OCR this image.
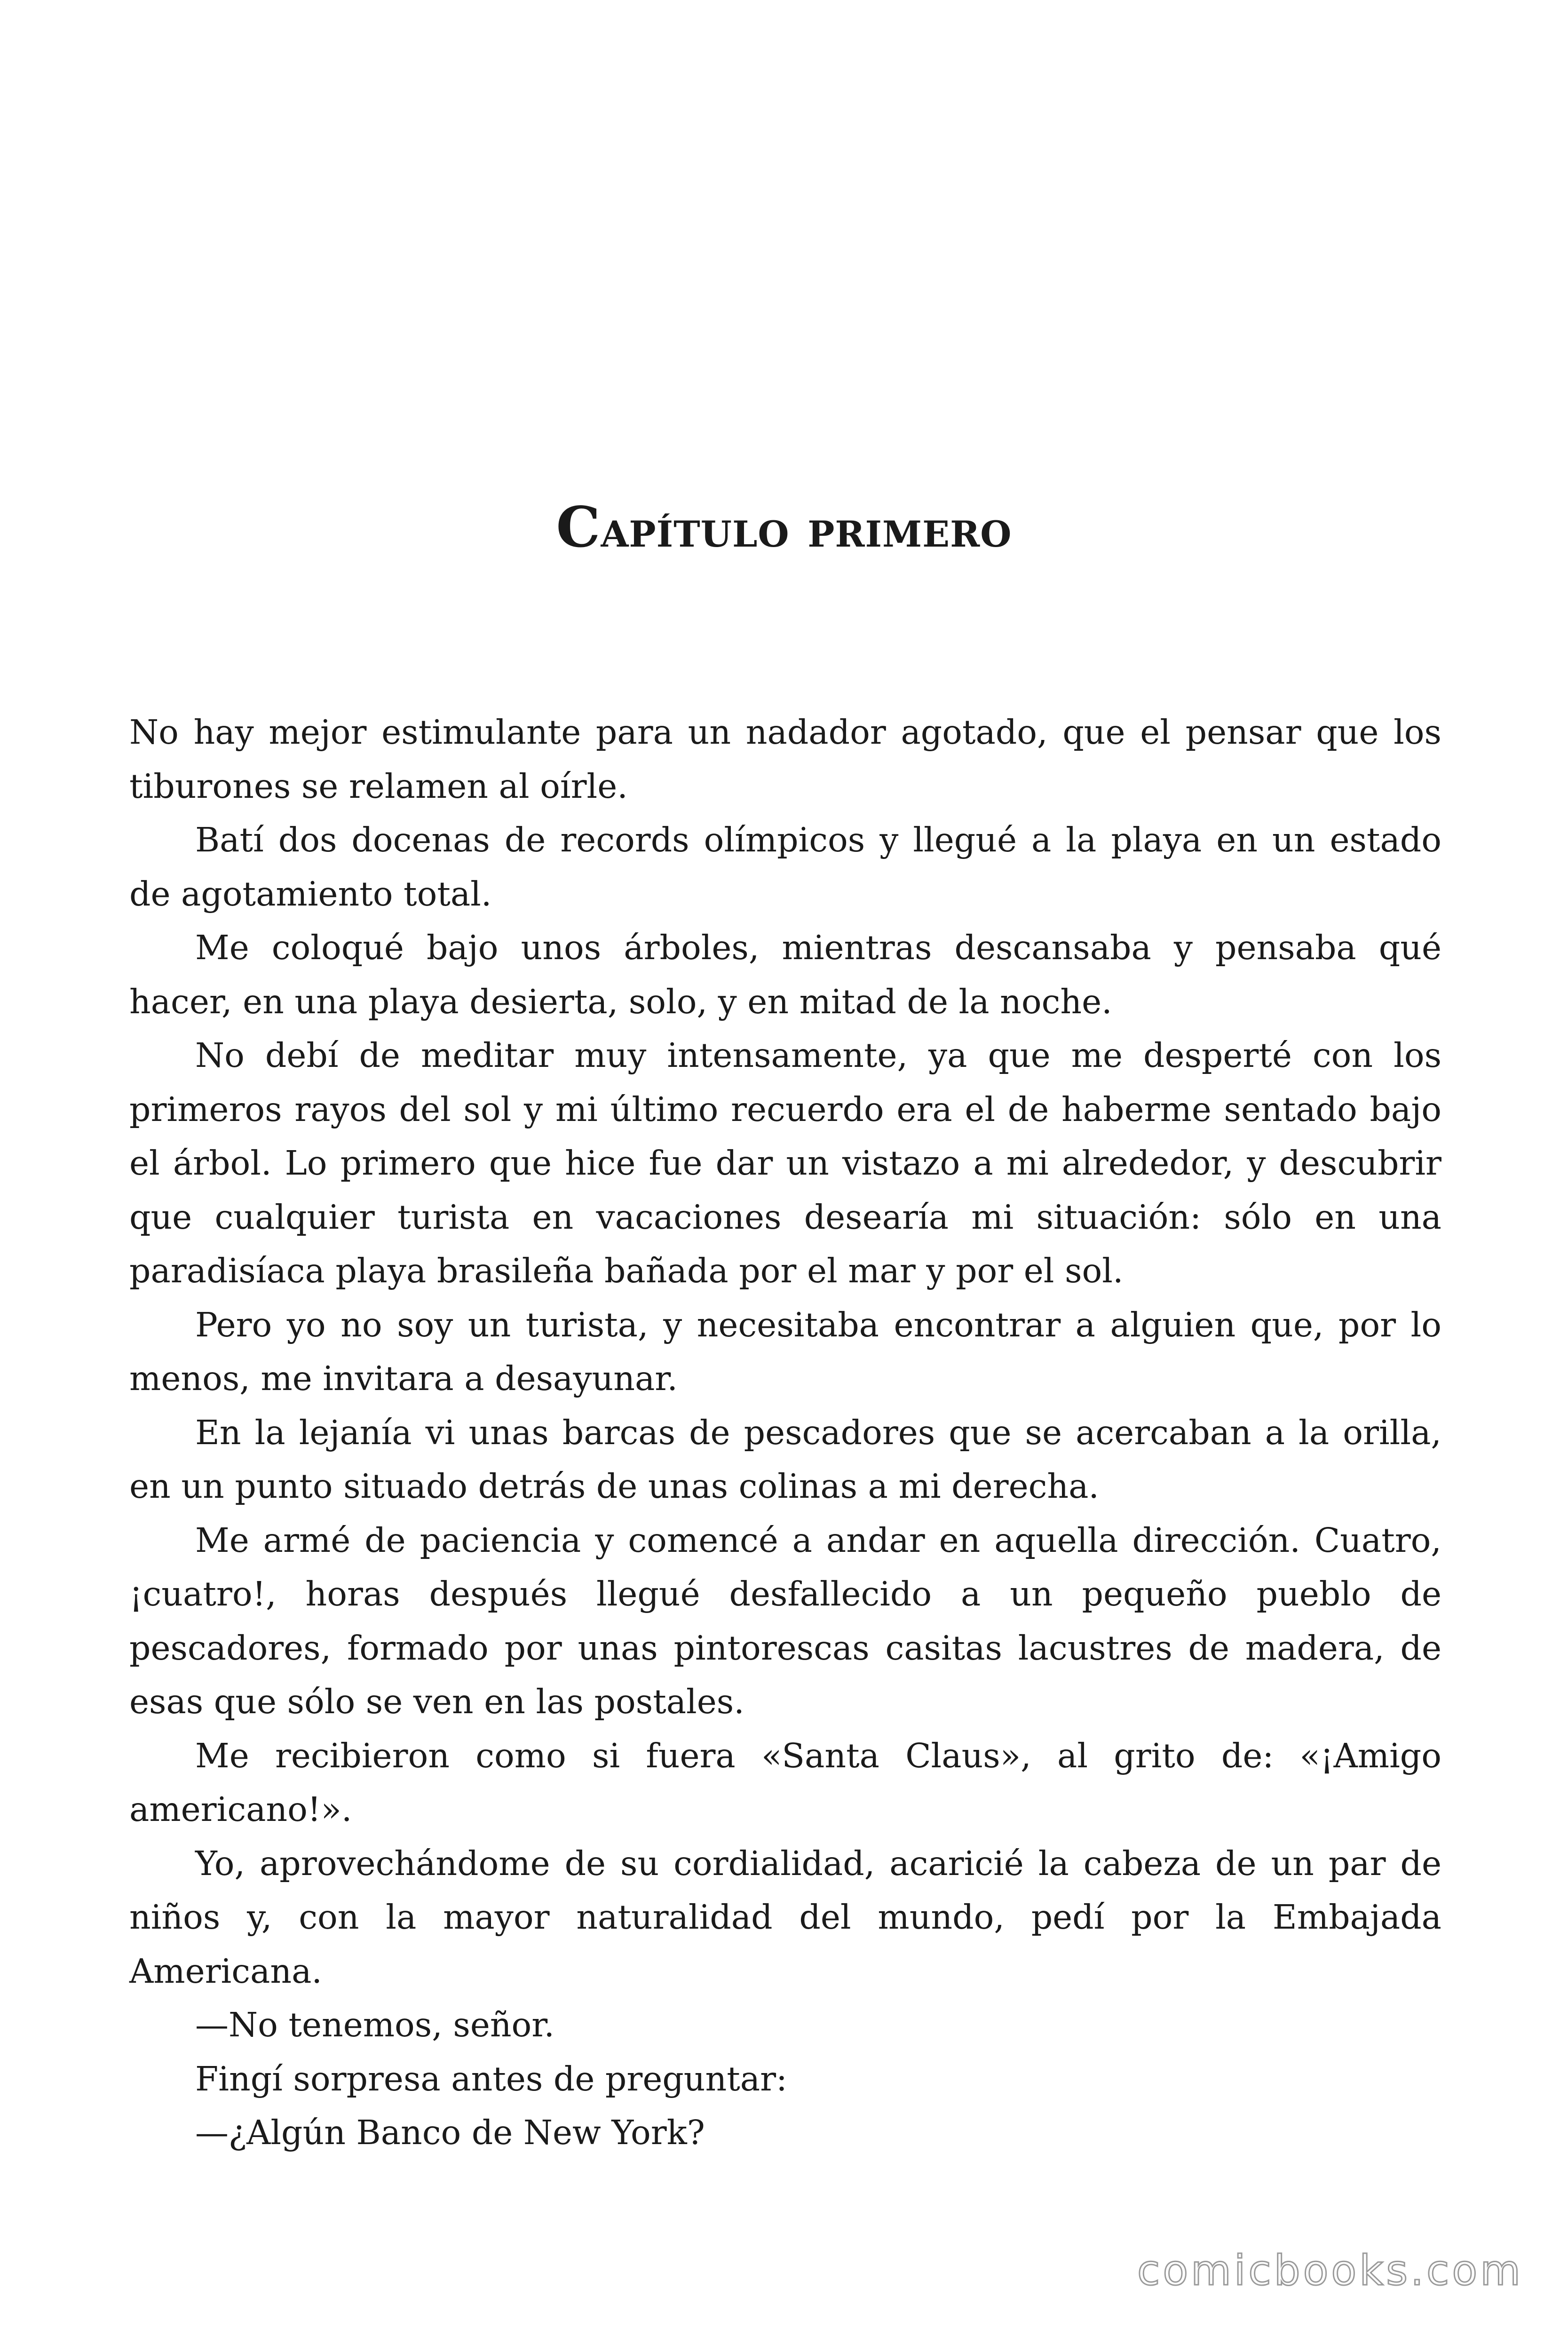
Capítulo primero

No hay mejor estimulante para un nadador agotado, que el pensar que los tiburones se relamen al oírle.

Batí dos docenas de records olímpicos y llegué a la playa en un estado de agotamiento total.

Me coloqué bajo unos árboles, mientras descansaba y pensaba qué hacer, en una playa desierta, solo, y en mitad de la noche.

No debí de meditar muy intensamente, ya que me desperté con los primeros rayos del sol y mi último recuerdo era el de haberme sentado bajo el árbol. Lo primero que hice fue dar un vistazo a mi alrededor, y descubrir que cualquier turista en vacaciones desearía mi situación: sólo en una paradisíaca playa brasileña bañada por el mar y por el sol.

Pero yo no soy un turista, y necesitaba encontrar a alguien que, por lo menos, me invitara a desayunar.

En la lejanía vi unas barcas de pescadores que se acercaban a la orilla, en un punto situado detrás de unas colinas a mi derecha.

Me armé de paciencia y comencé a andar en aquella dirección. Cuatro, ¡cuatro!, horas después llegué desfallecido a un pequeño pueblo de pescadores, formado por unas pintorescas casitas lacustres de madera, de esas que sólo se ven en las postales.

Me recibieron como si fuera «Santa Claus», al grito de: «¡Amigo americano!».

Yo, aprovechándome de su cordialidad, acaricié la cabeza de un par de niños y, con la mayor naturalidad del mundo, pedí por la Embajada Americana.

—No tenemos, señor.

Fingí sorpresa antes de preguntar:

—¿Algún Banco de New York?

comicbooks.com
